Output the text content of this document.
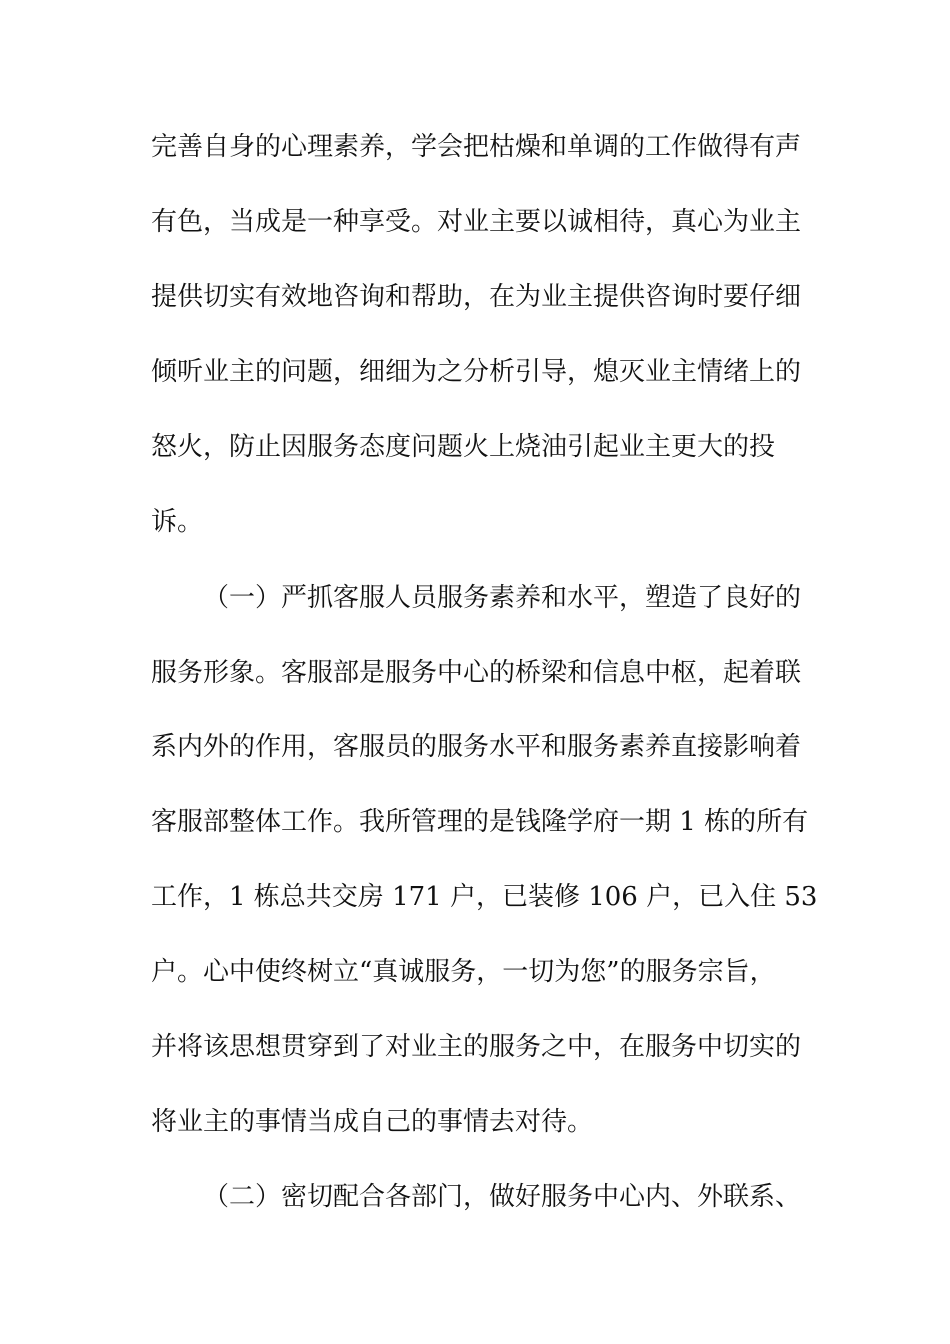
完善自身的心理素养，学会把枯燥和单调的工作做得有声
有色，当成是一种享受。对业主要以诚相待，真心为业主
提供切实有效地咨询和帮助，在为业主提供咨询时要仔细
倾听业主的问题，细细为之分析引导，熄灭业主情绪上的
怒火，防止因服务态度问题火上烧油引起业主更大的投
诉。
（一）严抓客服人员服务素养和水平，塑造了良好的
服务形象。客服部是服务中心的桥梁和信息中枢，起着联
系内外的作用，客服员的服务水平和服务素养直接影响着
客服部整体工作。我所管理的是钱隆学府一期 1 栋的所有
工作，1 栋总共交房 171 户，已装修 106 户，已入住 53
户。心中使终树立“真诚服务，一切为您”的服务宗旨，
并将该思想贯穿到了对业主的服务之中，在服务中切实的
将业主的事情当成自己的事情去对待。
（二）密切配合各部门，做好服务中心内、外联系、
